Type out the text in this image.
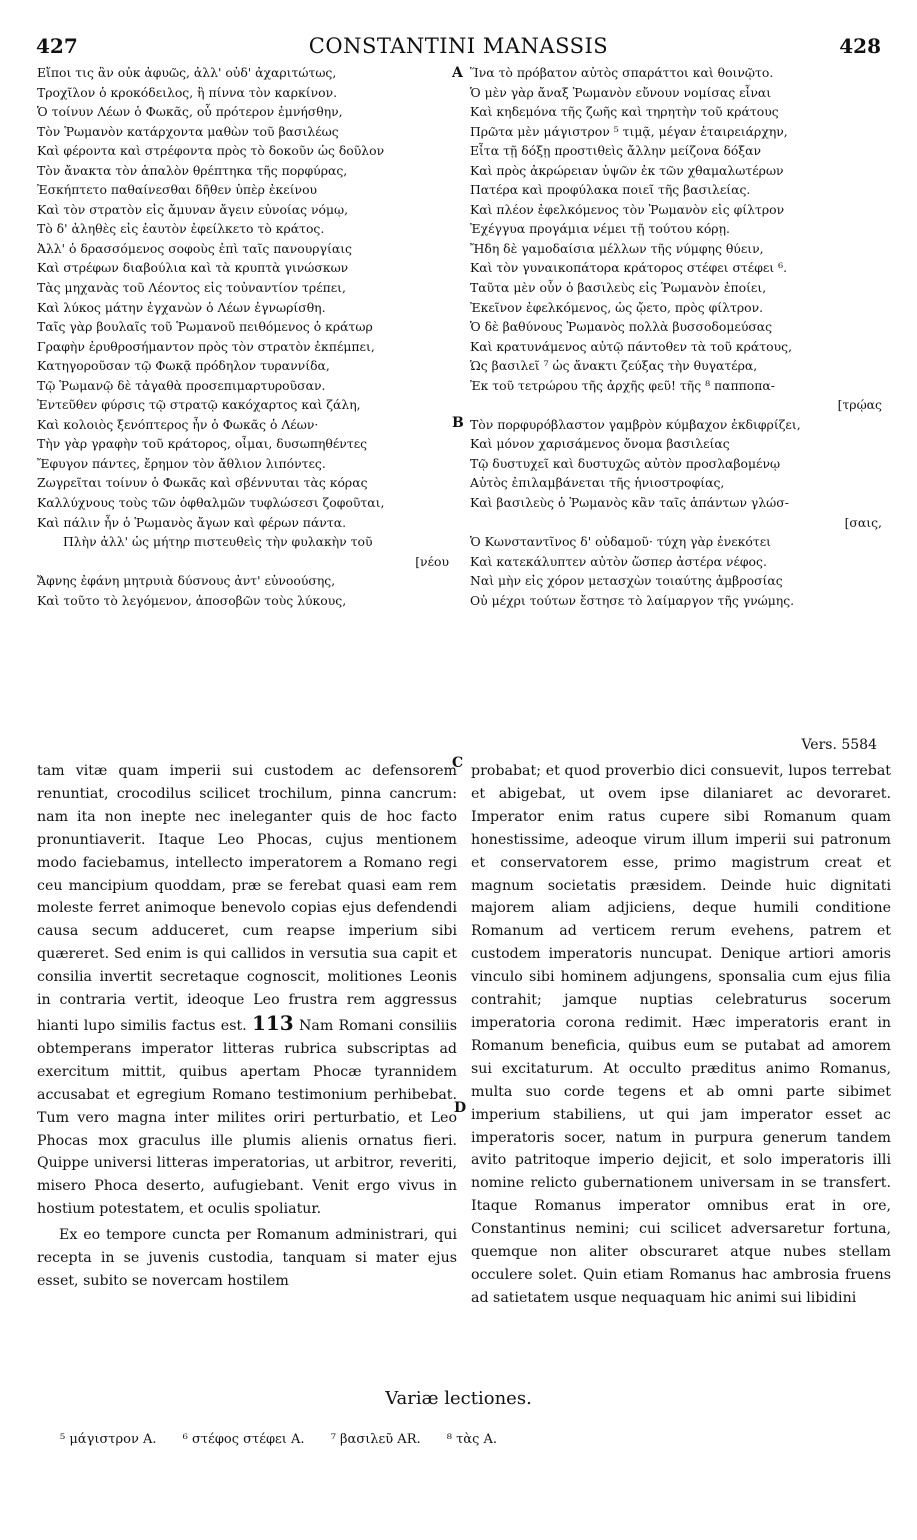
427	CONSTANTINI MANASSIS	428
Εἴποι τις ἂν οὐκ ἀφυῶς, ἀλλ' οὐδ' ἀχαριτώτως,
Τροχῖλον ὁ κροκόδειλος, ἢ πίννα τὸν καρκίνον.
Ὁ τοίνυν Λέων ὁ Φωκᾶς, οὗ πρότερον ἐμνήσθην,
Τὸν Ῥωμανὸν κατάρχοντα μαθὼν τοῦ βασιλέως
Καὶ φέροντα καὶ στρέφοντα πρὸς τὸ δοκοῦν ὡς δοῦλον
Τὸν ἄνακτα τὸν ἁπαλὸν θρέπτηκα τῆς πορφύρας,
Ἐσκήπτετο παθαίνεσθαι δῆθεν ὑπὲρ ἐκείνου
Καὶ τὸν στρατὸν εἰς ἄμυναν ἄγειν εὐνοίας νόμῳ,
Τὸ δ' ἀληθὲς εἰς ἑαυτὸν ἐφείλκετο τὸ κράτος.
Ἀλλ' ὁ δρασσόμενος σοφοὺς ἐπὶ ταῖς πανουργίαις
Καὶ στρέφων διαβούλια καὶ τὰ κρυπτὰ γινώσκων
Τὰς μηχανὰς τοῦ Λέοντος εἰς τοὐναντίον τρέπει,
Καὶ λύκος μάτην ἐγχανὼν ὁ Λέων ἐγνωρίσθη.
Ταῖς γὰρ βουλαῖς τοῦ Ῥωμανοῦ πειθόμενος ὁ κράτωρ
Γραφὴν ἐρυθροσήμαντον πρὸς τὸν στρατὸν ἐκπέμπει,
Κατηγοροῦσαν τῷ Φωκᾷ πρόδηλον τυραννίδα,
Τῷ Ῥωμανῷ δὲ τἀγαθὰ προσεπιμαρτυροῦσαν.
Ἐντεῦθεν φύρσις τῷ στρατῷ κακόχαρτος καὶ ζάλη,
Καὶ κολοιὸς ξενόπτερος ἦν ὁ Φωκᾶς ὁ Λέων·
Τὴν γὰρ γραφὴν τοῦ κράτορος, οἶμαι, δυσωπηθέντες
Ἔφυγον πάντες, ἔρημον τὸν ἄθλιον λιπόντες.
Ζωγρεῖται τοίνυν ὁ Φωκᾶς καὶ σβέννυται τὰς κόρας
Καλλύχνους τοὺς τῶν ὀφθαλμῶν τυφλώσεσι ζοφοῦται,
Καὶ πάλιν ἦν ὁ Ῥωμανὸς ἄγων καὶ φέρων πάντα.
Πλὴν ἀλλ' ὡς μήτηρ πιστευθεὶς τὴν φυλακὴν τοῦ
[νέου
Ἄφνης ἐφάνη μητρυιὰ δύσνους ἀντ' εὐνοούσης,
Καὶ τοῦτο τὸ λεγόμενον, ἀποσοβῶν τοὺς λύκους,
Ἵνα τὸ πρόβατον αὐτὸς σπαράττοι καὶ θοινῷτο.
Ὁ μὲν γὰρ ἄναξ Ῥωμανὸν εὔνουν νομίσας εἶναι
Καὶ κηδεμόνα τῆς ζωῆς καὶ τηρητὴν τοῦ κράτους
Πρῶτα μὲν μάγιστρον ⁵ τιμᾷ, μέγαν ἑταιρειάρχην,
Εἶτα τῇ δόξῃ προστιθεὶς ἄλλην μείζονα δόξαν
Καὶ πρὸς ἀκρώρειαν ὑψῶν ἐκ τῶν χθαμαλωτέρων
Πατέρα καὶ προφύλακα ποιεῖ τῆς βασιλείας.
Καὶ πλέον ἐφελκόμενος τὸν Ῥωμανὸν εἰς φίλτρον
Ἐχέγγυα προγάμια νέμει τῇ τούτου κόρῃ.
Ἤδη δὲ γαμοδαίσια μέλλων τῆς νύμφης θύειν,
Καὶ τὸν γυναικοπάτορα κράτορος στέφει στέφει ⁶.
Ταῦτα μὲν οὖν ὁ βασιλεὺς εἰς Ῥωμανὸν ἐποίει,
Ἐκεῖνον ἐφελκόμενος, ὡς ᾤετο, πρὸς φίλτρον.
Ὁ δὲ βαθύνους Ῥωμανὸς πολλὰ βυσσοδομεύσας
Καὶ κρατυνάμενος αὐτῷ πάντοθεν τὰ τοῦ κράτους,
Ὡς βασιλεῖ ⁷ ὡς ἄνακτι ζεύξας τὴν θυγατέρα,
Ἐκ τοῦ τετρώρου τῆς ἀρχῆς φεῦ! τῆς ⁸ παπποπα-
[τρῴας
Τὸν πορφυρόβλαστον γαμβρὸν κύμβαχον ἐκδιφρίζει,
Καὶ μόνον χαρισάμενος ὄνομα βασιλείας
Τῷ δυστυχεῖ καὶ δυστυχῶς αὐτὸν προσλαβομένῳ
Αὐτὸς ἐπιλαμβάνεται τῆς ἡνιοστροφίας,
Καὶ βασιλεὺς ὁ Ῥωμανὸς κἂν ταῖς ἁπάντων γλώσ-
[σαις,
Ὁ Κωνσταντῖνος δ' οὐδαμοῦ· τύχη γὰρ ἐνεκότει
Καὶ κατεκάλυπτεν αὐτὸν ὥσπερ ἀστέρα νέφος.
Ναὶ μὴν εἰς χόρον μετασχὼν τοιαύτης ἀμβροσίας
Οὐ μέχρι τούτων ἔστησε τὸ λαίμαργον τῆς γνώμης.
A
B
C
D
Vers. 5584

tam vitæ quam imperii sui custodem ac defensorem renuntiat, crocodilus scilicet trochilum, pinna cancrum: nam ita non inepte nec ineleganter quis de hoc facto pronuntiaverit. Itaque Leo Phocas, cujus mentionem modo faciebamus, intellecto imperatorem a Romano regi ceu mancipium quoddam, præ se ferebat quasi eam rem moleste ferret animoque benevolo copias ejus defendendi causa secum adduceret, cum reapse imperium sibi quæreret. Sed enim is qui callidos in versutia sua capit et consilia invertit secretaque cognoscit, molitiones Leonis in contraria vertit, ideoque Leo frustra rem aggressus hianti lupo similis factus est. 113 Nam Romani consiliis obtemperans imperator litteras rubrica subscriptas ad exercitum mittit, quibus apertam Phocæ tyrannidem accusabat et egregium Romano testimonium perhibebat. Tum vero magna inter milites oriri perturbatio, et Leo Phocas mox graculus ille plumis alienis ornatus fieri. Quippe universi litteras imperatorias, ut arbitror, reveriti, misero Phoca deserto, aufugiebant. Venit ergo vivus in hostium potestatem, et oculis spoliatur.

Ex eo tempore cuncta per Romanum administrari, qui recepta in se juvenis custodia, tanquam si mater ejus esset, subito se novercam hostilem

probabat; et quod proverbio dici consuevit, lupos terrebat et abigebat, ut ovem ipse dilaniaret ac devoraret. Imperator enim ratus cupere sibi Romanum quam honestissime, adeoque virum illum imperii sui patronum et conservatorem esse, primo magistrum creat et magnum societatis præsidem. Deinde huic dignitati majorem aliam adjiciens, deque humili conditione Romanum ad verticem rerum evehens, patrem et custodem imperatoris nuncupat. Denique artiori amoris vinculo sibi hominem adjungens, sponsalia cum ejus filia contrahit; jamque nuptias celebraturus socerum imperatoria corona redimit. Hæc imperatoris erant in Romanum beneficia, quibus eum se putabat ad amorem sui excitaturum. At occulto præditus animo Romanus, multa suo corde tegens et ab omni parte sibimet imperium stabiliens, ut qui jam imperator esset ac imperatoris socer, natum in purpura generum tandem avito patritoque imperio dejicit, et solo imperatoris illi nomine relicto gubernationem universam in se transfert. Itaque Romanus imperator omnibus erat in ore, Constantinus nemini; cui scilicet adversaretur fortuna, quemque non aliter obscuraret atque nubes stellam occulere solet. Quin etiam Romanus hac ambrosia fruens ad satietatem usque nequaquam hic animi sui libidini

Variæ lectiones.
⁵ μάγιστρον A. ⁶ στέφος στέφει A. ⁷ βασιλεῦ AR. ⁸ τὰς A.
